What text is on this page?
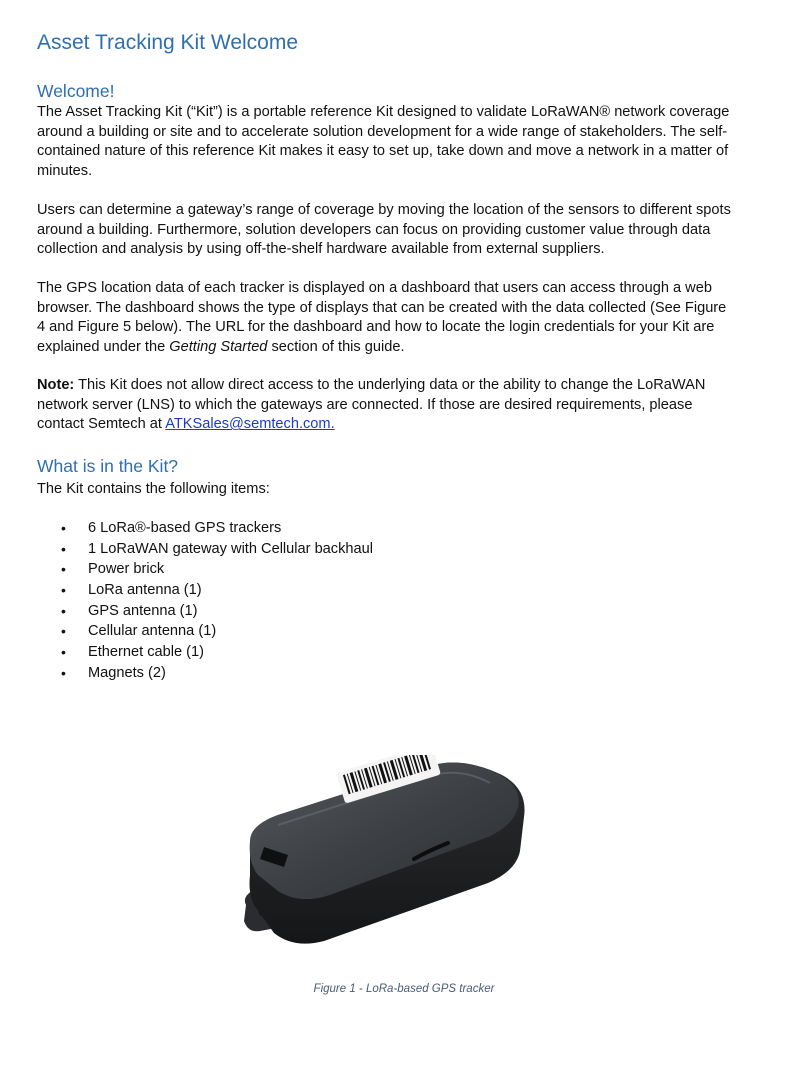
Asset Tracking Kit Welcome
Welcome!

The Asset Tracking Kit (“Kit”) is a portable reference Kit designed to validate LoRaWAN® network coverage around a building or site and to accelerate solution development for a wide range of stakeholders. The self-contained nature of this reference Kit makes it easy to set up, take down and move a network in a matter of minutes.

Users can determine a gateway’s range of coverage by moving the location of the sensors to different spots around a building. Furthermore, solution developers can focus on providing customer value through data collection and analysis by using off-the-shelf hardware available from external suppliers.

The GPS location data of each tracker is displayed on a dashboard that users can access through a web browser. The dashboard shows the type of displays that can be created with the data collected (See Figure 4 and Figure 5 below). The URL for the dashboard and how to locate the login credentials for your Kit are explained under the Getting Started section of this guide.

Note: This Kit does not allow direct access to the underlying data or the ability to change the LoRaWAN network server (LNS) to which the gateways are connected. If those are desired requirements, please contact Semtech at ATKSales@semtech.com.

What is in the Kit?

The Kit contains the following items:

• 6 LoRa®-based GPS trackers
• 1 LoRaWAN gateway with Cellular backhaul
• Power brick
• LoRa antenna (1)
• GPS antenna (1)
• Cellular antenna (1)
• Ethernet cable (1)
• Magnets (2)

Figure 1 - LoRa-based GPS tracker
